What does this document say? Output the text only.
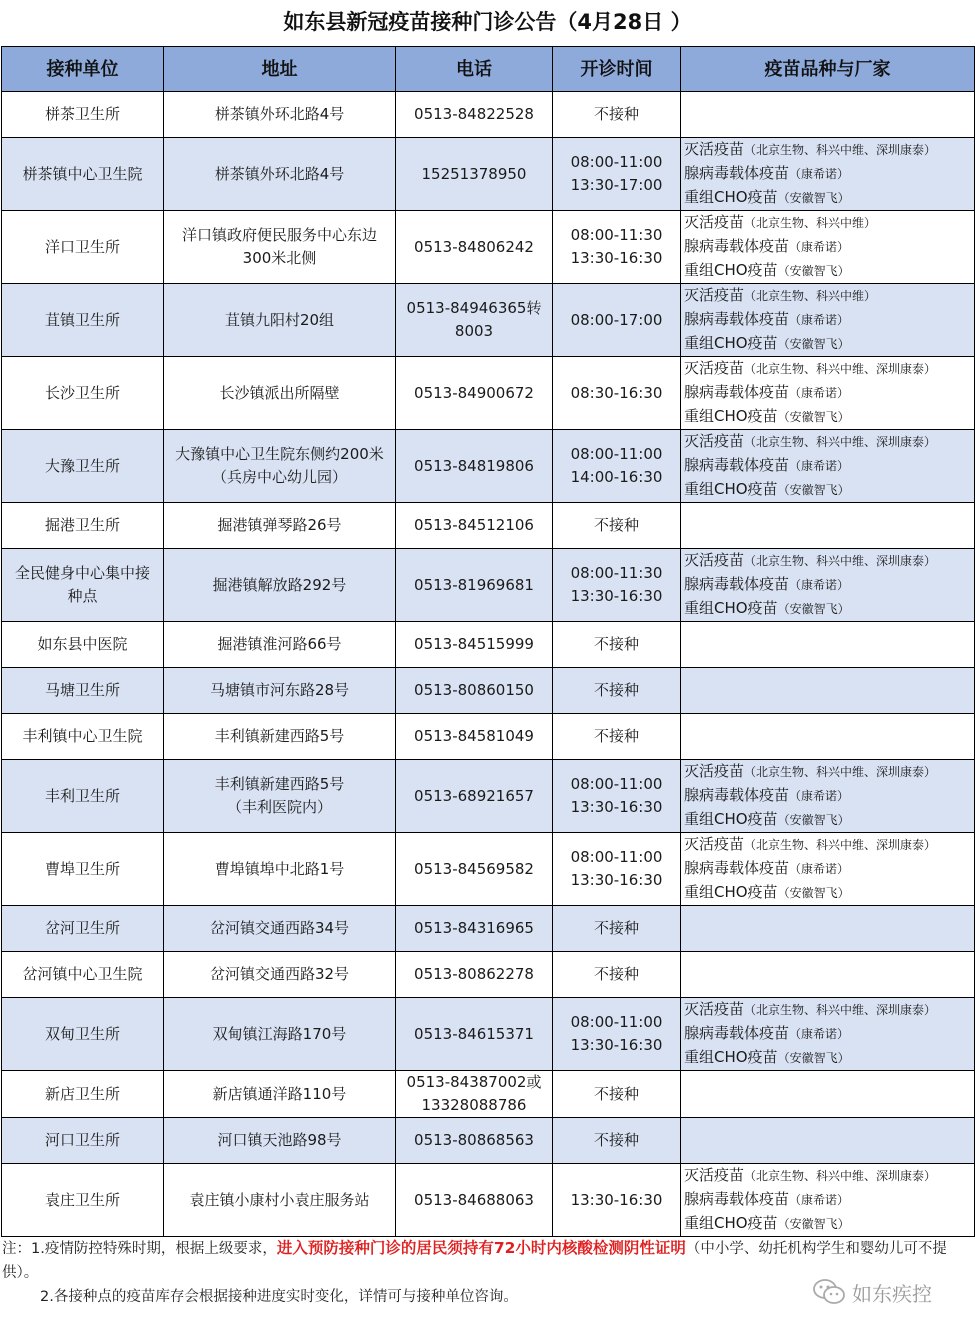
如东县新冠疫苗接种门诊公告（4月28日 ）
接种单位	地址	电话	开诊时间	疫苗品种与厂家

栟茶卫生所	栟茶镇外环北路4号	0513-84822528	不接种	

栟茶镇中心卫生院	栟茶镇外环北路4号	15251378950	08:00-11:00
13:30-17:00	灭活疫苗（北京生物、科兴中维、深圳康泰）
腺病毒载体疫苗（康希诺）
重组CHO疫苗（安徽智飞）

洋口卫生所	洋口镇政府便民服务中心东边
300米北侧	0513-84806242	08:00-11:30
13:30-16:30	灭活疫苗（北京生物、科兴中维）
腺病毒载体疫苗（康希诺）
重组CHO疫苗（安徽智飞）

苴镇卫生所	苴镇九阳村20组	0513-84946365转
8003	08:00-17:00	灭活疫苗（北京生物、科兴中维）
腺病毒载体疫苗（康希诺）
重组CHO疫苗（安徽智飞）

长沙卫生所	长沙镇派出所隔壁	0513-84900672	08:30-16:30	灭活疫苗（北京生物、科兴中维、深圳康泰）
腺病毒载体疫苗（康希诺）
重组CHO疫苗（安徽智飞）

大豫卫生所	大豫镇中心卫生院东侧约200米
（兵房中心幼儿园）	0513-84819806	08:00-11:00
14:00-16:30	灭活疫苗（北京生物、科兴中维、深圳康泰）
腺病毒载体疫苗（康希诺）
重组CHO疫苗（安徽智飞）

掘港卫生所	掘港镇弹琴路26号	0513-84512106	不接种	

全民健身中心集中接
种点	掘港镇解放路292号	0513-81969681	08:00-11:30
13:30-16:30	灭活疫苗（北京生物、科兴中维、深圳康泰）
腺病毒载体疫苗（康希诺）
重组CHO疫苗（安徽智飞）

如东县中医院	掘港镇淮河路66号	0513-84515999	不接种	

马塘卫生所	马塘镇市河东路28号	0513-80860150	不接种	

丰利镇中心卫生院	丰利镇新建西路5号	0513-84581049	不接种	

丰利卫生所	丰利镇新建西路5号
（丰利医院内）	0513-68921657	08:00-11:00
13:30-16:30	灭活疫苗（北京生物、科兴中维、深圳康泰）
腺病毒载体疫苗（康希诺）
重组CHO疫苗（安徽智飞）

曹埠卫生所	曹埠镇埠中北路1号	0513-84569582	08:00-11:00
13:30-16:30	灭活疫苗（北京生物、科兴中维、深圳康泰）
腺病毒载体疫苗（康希诺）
重组CHO疫苗（安徽智飞）

岔河卫生所	岔河镇交通西路34号	0513-84316965	不接种	

岔河镇中心卫生院	岔河镇交通西路32号	0513-80862278	不接种	

双甸卫生所	双甸镇江海路170号	0513-84615371	08:00-11:00
13:30-16:30	灭活疫苗（北京生物、科兴中维、深圳康泰）
腺病毒载体疫苗（康希诺）
重组CHO疫苗（安徽智飞）

新店卫生所	新店镇通洋路110号	0513-84387002或
13328088786	不接种	

河口卫生所	河口镇天池路98号	0513-80868563	不接种	

袁庄卫生所	袁庄镇小康村小袁庄服务站	0513-84688063	13:30-16:30	灭活疫苗（北京生物、科兴中维、深圳康泰）
腺病毒载体疫苗（康希诺）
重组CHO疫苗（安徽智飞）
注：1.疫情防控特殊时期，根据上级要求，进入预防接种门诊的居民须持有72小时内核酸检测阴性证明（中小学、幼托机构学生和婴幼儿可不提供）。
2.各接种点的疫苗库存会根据接种进度实时变化，详情可与接种单位咨询。	如东疾控
